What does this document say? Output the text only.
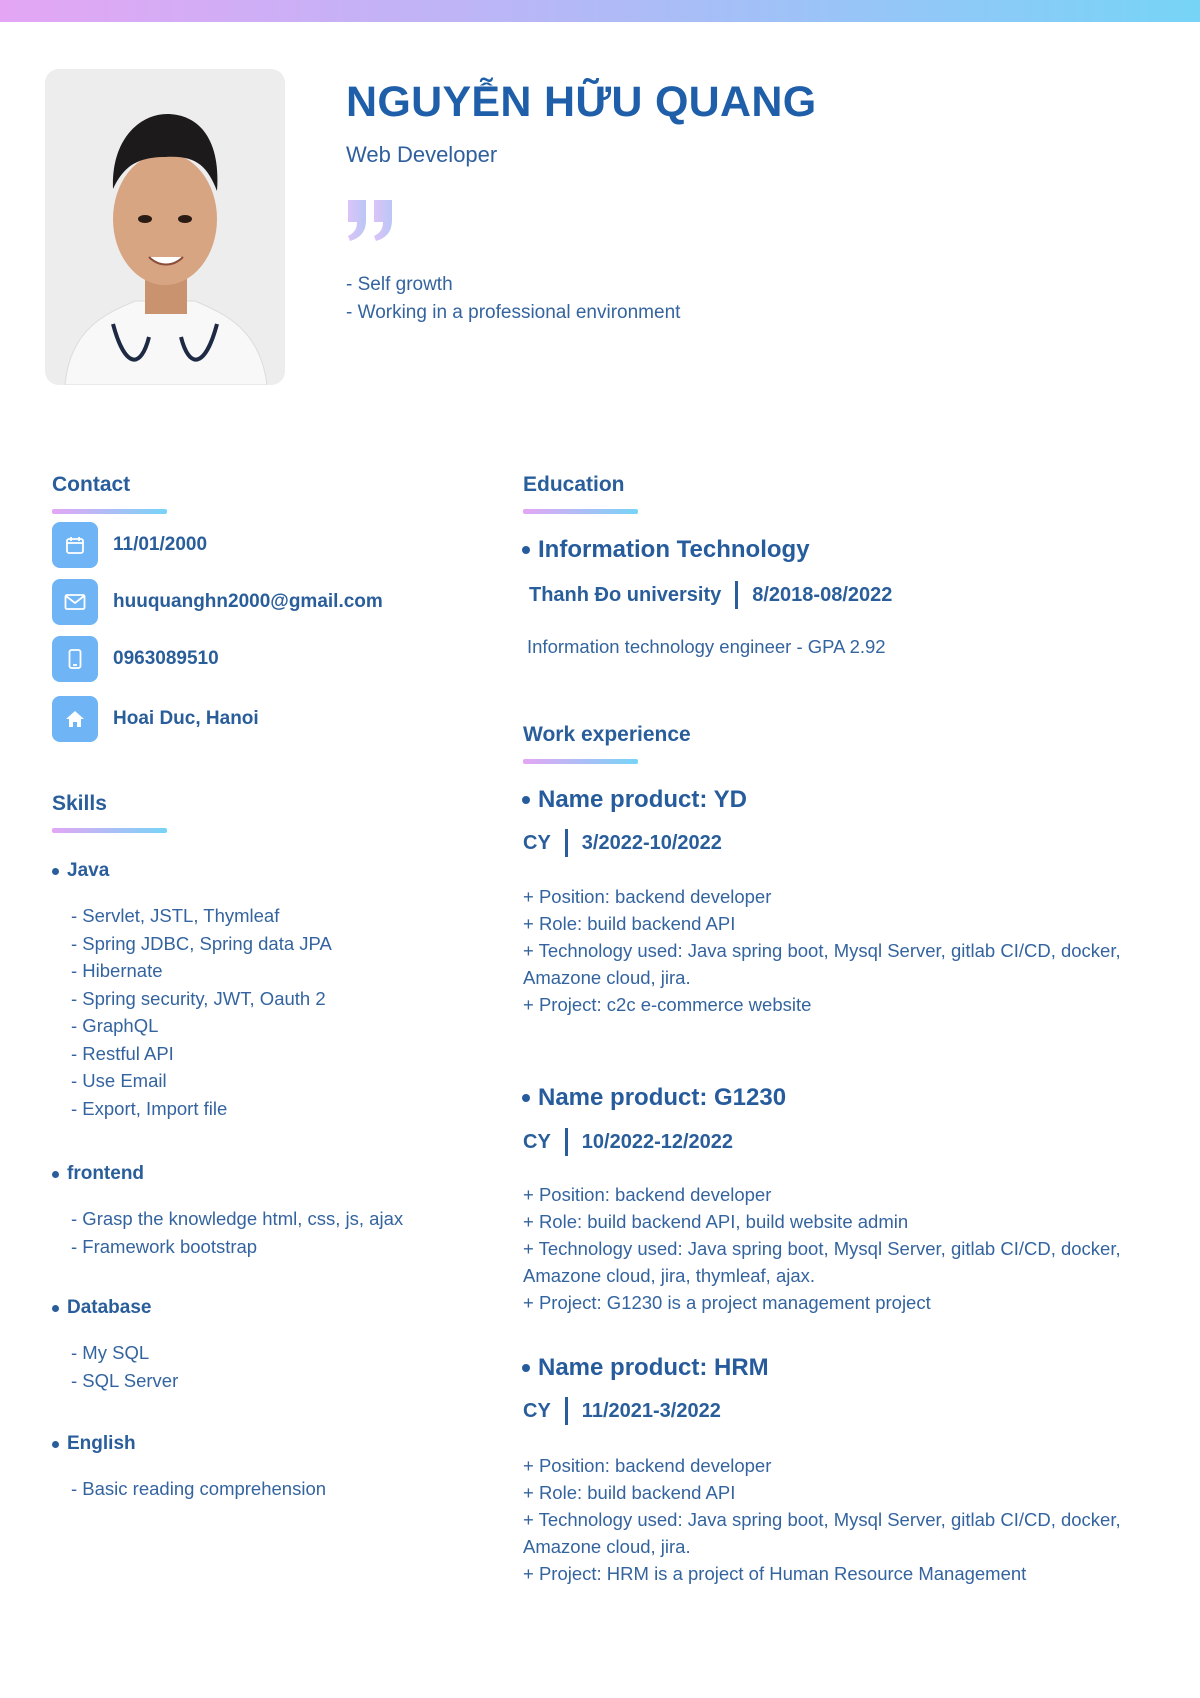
NGUYỄN HỮU QUANG
Web Developer
- Self growth
- Working in a professional environment
Contact
11/01/2000
huuquanghn2000@gmail.com
0963089510
Hoai Duc, Hanoi
Skills
Java
- Servlet, JSTL, Thymleaf
- Spring JDBC, Spring data JPA
- Hibernate
- Spring security, JWT, Oauth 2
- GraphQL
- Restful API
- Use Email
- Export, Import file
frontend
- Grasp the knowledge html, css, js, ajax
- Framework bootstrap
Database
- My SQL
- SQL Server
English
- Basic reading comprehension
Education
Information Technology
Thanh Đo university 8/2018-08/2022
Information technology engineer - GPA 2.92
Work experience
Name product: YD
CY 3/2022-10/2022
+ Position: backend developer
+ Role: build backend API
+ Technology used: Java spring boot, Mysql Server, gitlab CI/CD, docker, Amazone cloud, jira.
+ Project: c2c e-commerce website
Name product: G1230
CY 10/2022-12/2022
+ Position: backend developer
+ Role: build backend API, build website admin
+ Technology used: Java spring boot, Mysql Server, gitlab CI/CD, docker, Amazone cloud, jira, thymleaf, ajax.
+ Project: G1230 is a project management project
Name product: HRM
CY 11/2021-3/2022
+ Position: backend developer
+ Role: build backend API
+ Technology used: Java spring boot, Mysql Server, gitlab CI/CD, docker, Amazone cloud, jira.
+ Project: HRM is a project of Human Resource Management
